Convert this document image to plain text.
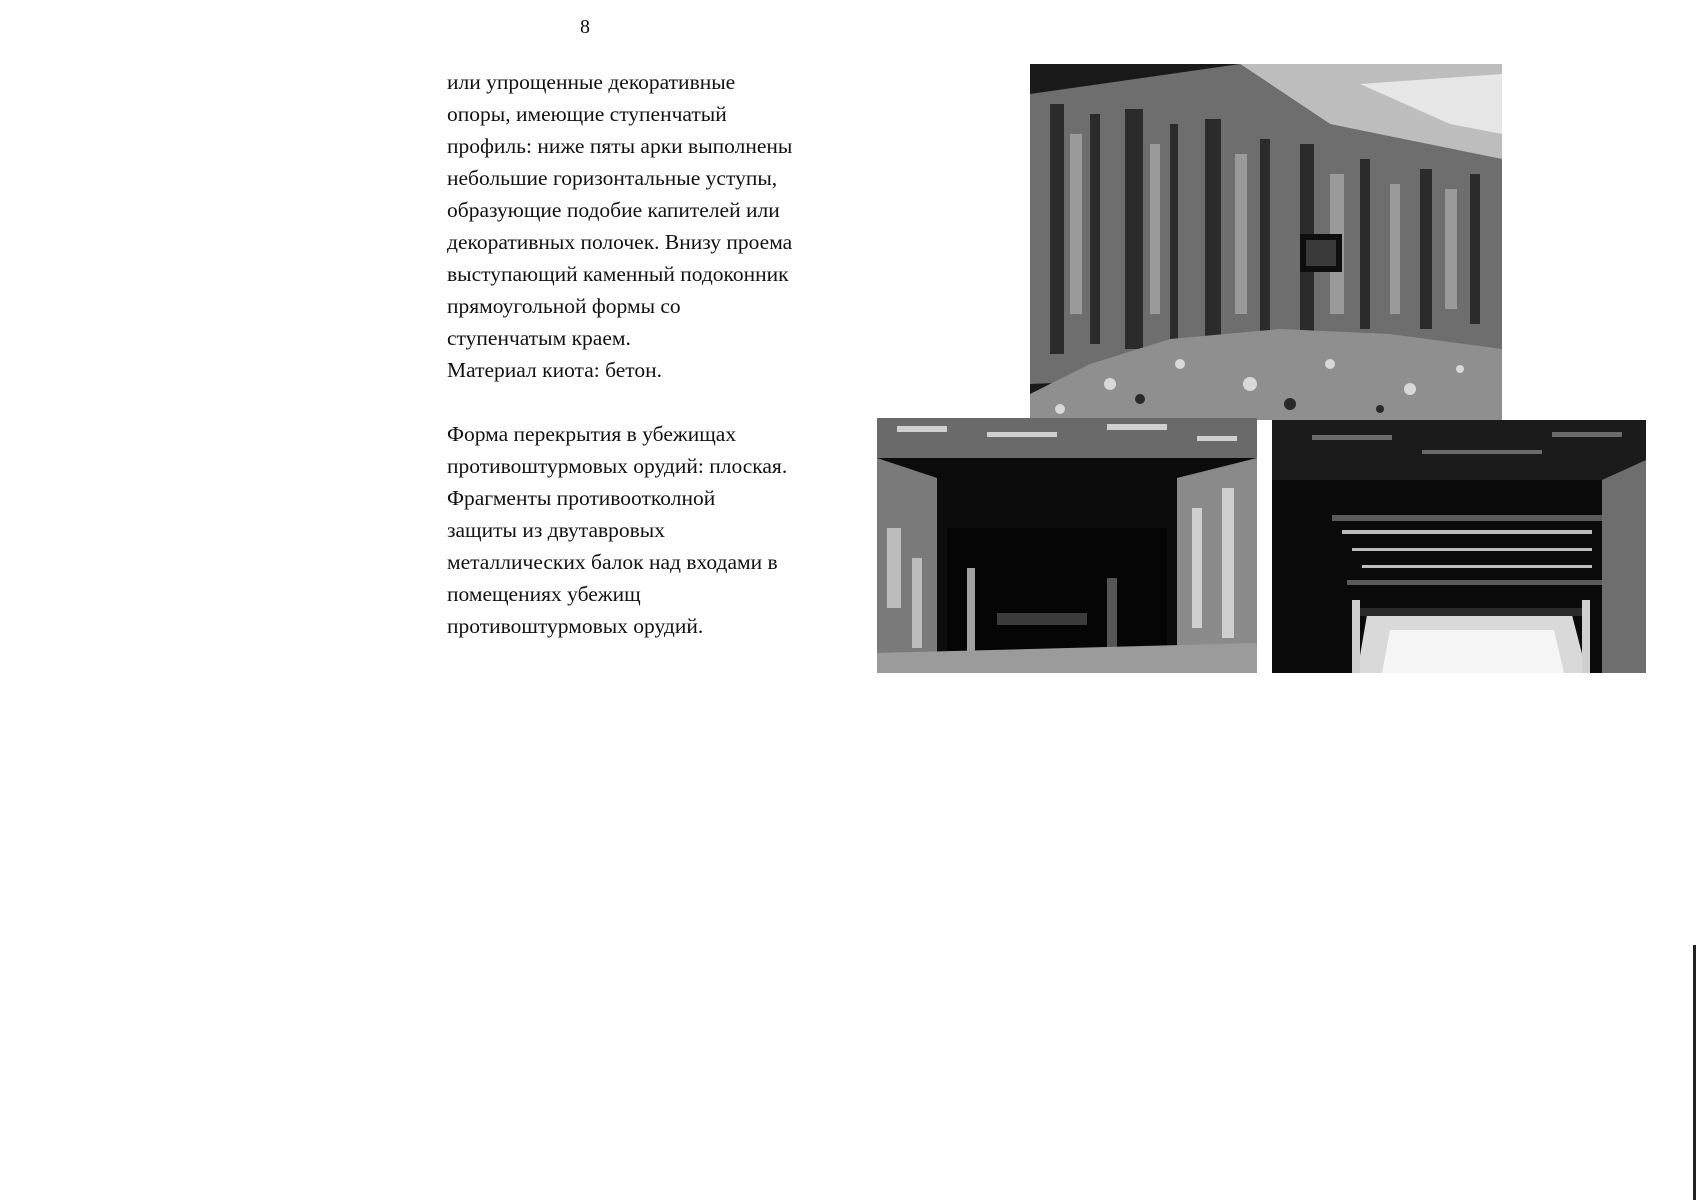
8

или упрощенные декоративные
опоры, имеющие ступенчатый
профиль: ниже пяты арки выполнены
небольшие горизонтальные уступы,
образующие подобие капителей или
декоративных полочек. Внизу проема
выступающий каменный подоконник
прямоугольной формы со
ступенчатым краем.
Материал киота: бетон.

Форма перекрытия в убежищах
противоштурмовых орудий: плоская.
Фрагменты противоотколной
защиты из двутавровых
металлических балок над входами в
помещениях убежищ
противоштурмовых орудий.
